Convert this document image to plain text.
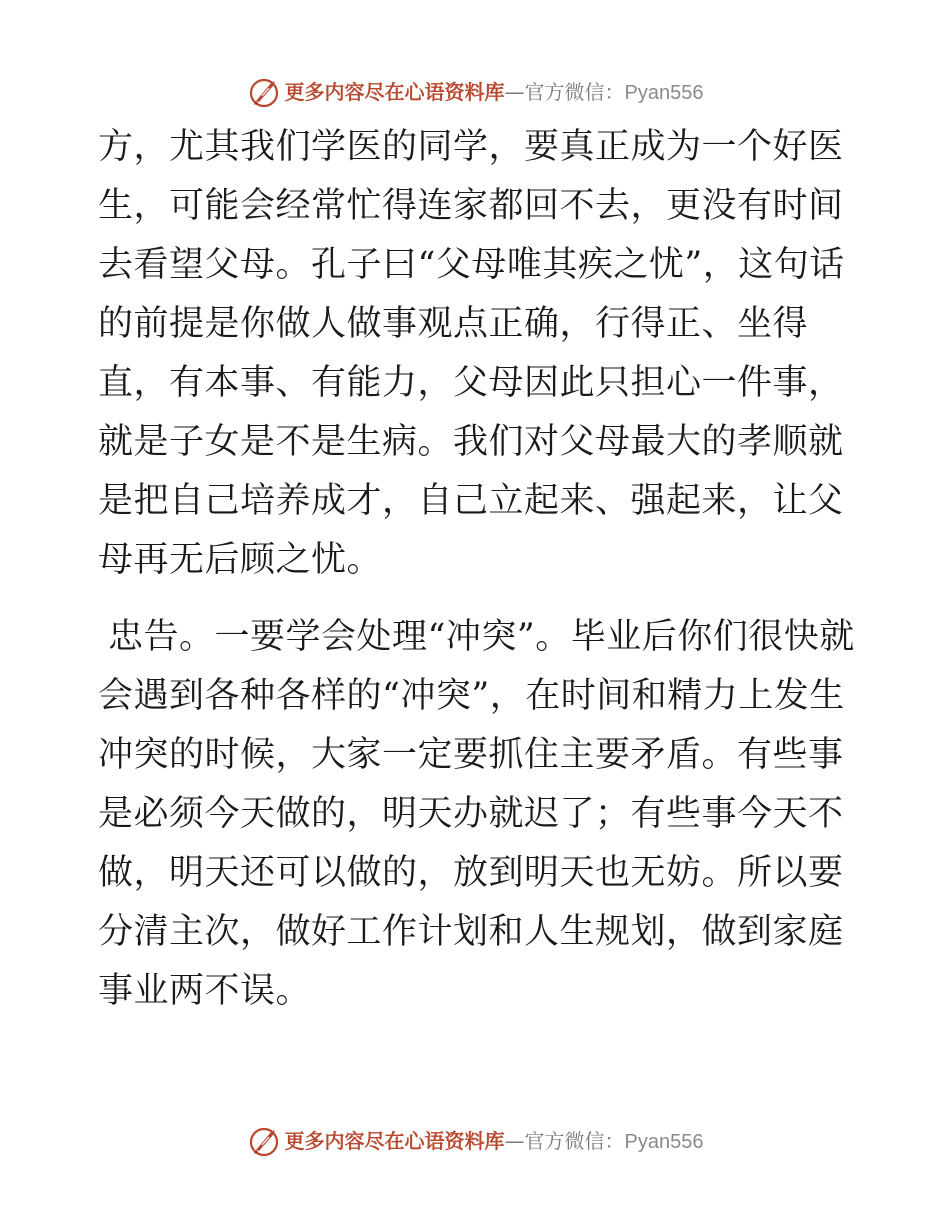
更多内容尽在心语资料库—官方微信：Pyan556

方，尤其我们学医的同学，要真正成为一个好医生，可能会经常忙得连家都回不去，更没有时间去看望父母。孔子曰“父母唯其疾之忧”，这句话的前提是你做人做事观点正确，行得正、坐得直，有本事、有能力，父母因此只担心一件事，就是子女是不是生病。我们对父母最大的孝顺就是把自己培养成才，自己立起来、强起来，让父母再无后顾之忧。

忠告。一要学会处理“冲突”。毕业后你们很快就会遇到各种各样的“冲突”，在时间和精力上发生冲突的时候，大家一定要抓住主要矛盾。有些事是必须今天做的，明天办就迟了；有些事今天不做，明天还可以做的，放到明天也无妨。所以要分清主次，做好工作计划和人生规划，做到家庭事业两不误。

更多内容尽在心语资料库—官方微信：Pyan556
